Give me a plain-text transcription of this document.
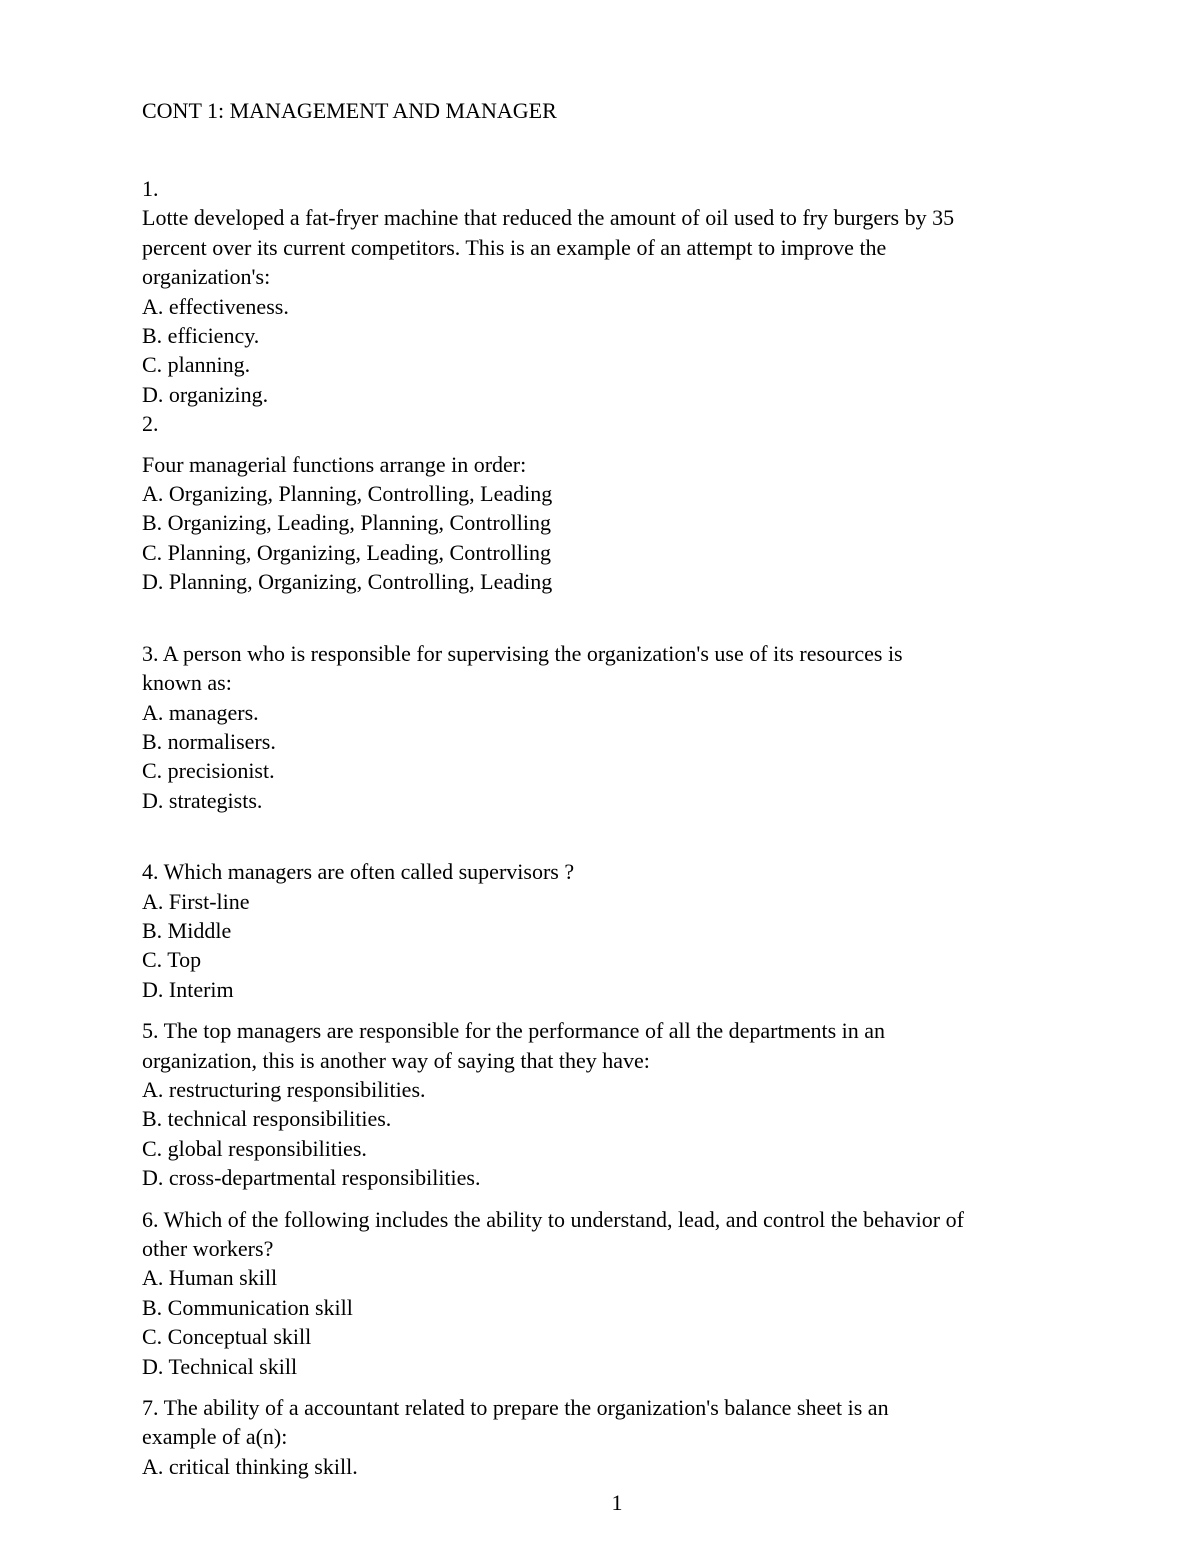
CONT 1: MANAGEMENT AND MANAGER

1.

Lotte developed a fat-fryer machine that reduced the amount of oil used to fry burgers by 35

percent over its current competitors. This is an example of an attempt to improve the

organization's:

A. effectiveness.

B. efficiency.

C. planning.

D. organizing.

2.

Four managerial functions arrange in order:

A. Organizing, Planning, Controlling, Leading

B. Organizing, Leading, Planning, Controlling

C. Planning, Organizing, Leading, Controlling

D. Planning, Organizing, Controlling, Leading

3. A person who is responsible for supervising the organization's use of its resources is

known as:

A. managers.

B. normalisers.

C. precisionist.

D. strategists.

4. Which managers are often called supervisors ?

A. First-line

B. Middle

C. Top

D. Interim

5. The top managers are responsible for the performance of all the departments in an

organization, this is another way of saying that they have:

A. restructuring responsibilities.

B. technical responsibilities.

C. global responsibilities.

D. cross-departmental responsibilities.

6. Which of the following includes the ability to understand, lead, and control the behavior of

other workers?

A. Human skill

B. Communication skill

C. Conceptual skill

D. Technical skill

7. The ability of a accountant related to prepare the organization's balance sheet is an

example of a(n):

A. critical thinking skill.

1
